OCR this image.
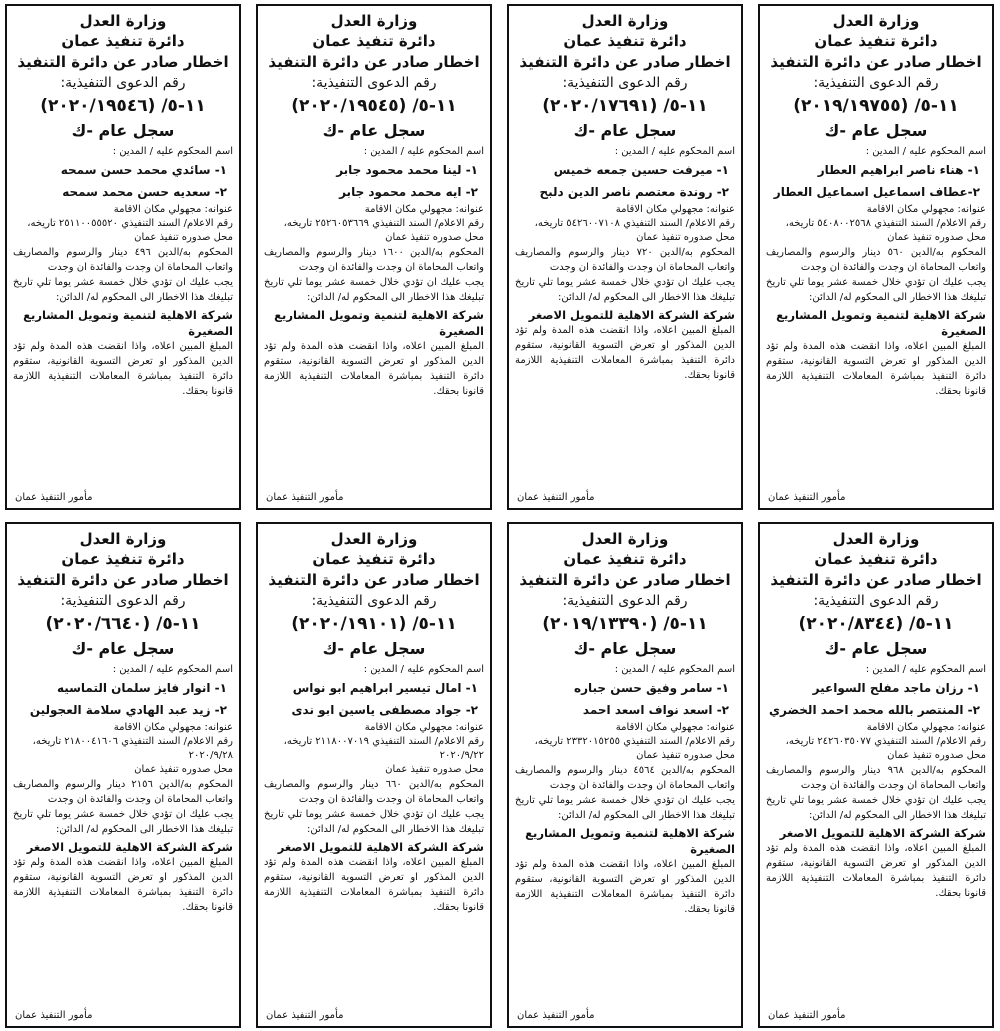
وزارة العدل
دائرة تنفيذ عمان
اخطار صادر عن دائرة التنفيذ
رقم الدعوى التنفيذية:
١١-٥/ (٢٠١٩/١٩٧٥٥)
سجل عام -ك
اسم المحكوم عليه / المدين :
١- هناء ناصر ابراهيم العطار
٢-عطاف اسماعيل اسماعيل العطار
عنوانه: مجهولي مكان الاقامة
رقم الاعلام/ السند التنفيذي ٥٤٠٨٠٠٢٥٦٨ تاريخه،
محل صدوره تنفيذ عمان
المحكوم به/الدين ٥٦٠ دينار والرسوم والمصاريف واتعاب المحاماة ان وجدت والفائدة ان وجدت
يجب عليك ان تؤدي خلال خمسة عشر يوما تلي تاريخ تبليغك هذا الاخطار الى المحكوم له/ الدائن:
شركة الاهلية لتنمية وتمويل المشاريع الصغيرة
المبلغ المبين اعلاه، واذا انقضت هذه المدة ولم تؤد الدين المذكور او تعرض التسوية القانونية، ستقوم دائرة التنفيذ بمباشرة المعاملات التنفيذية اللازمة قانونا بحقك.
مأمور التنفيذ عمان
وزارة العدل
دائرة تنفيذ عمان
اخطار صادر عن دائرة التنفيذ
رقم الدعوى التنفيذية:
١١-٥/ (٢٠٢٠/١٧٦٩١)
سجل عام -ك
اسم المحكوم عليه / المدين :
١- ميرفت حسين جمعه خميس
٢- روندة معتصم ناصر الدين دلبح
عنوانه: مجهولي مكان الاقامة
رقم الاعلام/ السند التنفيذي ٥٤٢٦٠٠٧١٠٨ تاريخه،
محل صدوره تنفيذ عمان
المحكوم به/الدين ٧٢٠ دينار والرسوم والمصاريف واتعاب المحاماة ان وجدت والفائدة ان وجدت
يجب عليك ان تؤدي خلال خمسة عشر يوما تلي تاريخ تبليغك هذا الاخطار الى المحكوم له/ الدائن:
شركة الشركة الاهلية للتمويل الاصغر
المبلغ المبين اعلاه، واذا انقضت هذه المدة ولم تؤد الدين المذكور او تعرض التسوية القانونية، ستقوم دائرة التنفيذ بمباشرة المعاملات التنفيذية اللازمة قانونا بحقك.
مأمور التنفيذ عمان
وزارة العدل
دائرة تنفيذ عمان
اخطار صادر عن دائرة التنفيذ
رقم الدعوى التنفيذية:
١١-٥/ (٢٠٢٠/١٩٥٤٥)
سجل عام -ك
اسم المحكوم عليه / المدين :
١- لينا محمد محمود جابر
٢- ايه محمد محمود جابر
عنوانه: مجهولي مكان الاقامة
رقم الاعلام/ السند التنفيذي ٢٥٢٦٠٥٣٦٦٩ تاريخه،
محل صدوره تنفيذ عمان
المحكوم به/الدين ١٦٠٠ دينار والرسوم والمصاريف واتعاب المحاماة ان وجدت والفائدة ان وجدت
يجب عليك ان تؤدي خلال خمسة عشر يوما تلي تاريخ تبليغك هذا الاخطار الى المحكوم له/ الدائن:
شركة الاهلية لتنمية وتمويل المشاريع الصغيرة
المبلغ المبين اعلاه، واذا انقضت هذه المدة ولم تؤد الدين المذكور او تعرض التسوية القانونية، ستقوم دائرة التنفيذ بمباشرة المعاملات التنفيذية اللازمة قانونا بحقك.
مأمور التنفيذ عمان
وزارة العدل
دائرة تنفيذ عمان
اخطار صادر عن دائرة التنفيذ
رقم الدعوى التنفيذية:
١١-٥/ (٢٠٢٠/١٩٥٤٦)
سجل عام -ك
اسم المحكوم عليه / المدين :
١- سائدي محمد حسن سمحه
٢- سعديه حسن محمد سمحه
عنوانه: مجهولي مكان الاقامة
رقم الاعلام/ السند التنفيذي ٢٥١١٠٠٥٥٥٢٠ تاريخه،
محل صدوره تنفيذ عمان
المحكوم به/الدين ٤٩٦ دينار والرسوم والمصاريف واتعاب المحاماة ان وجدت والفائدة ان وجدت
يجب عليك ان تؤدي خلال خمسة عشر يوما تلي تاريخ تبليغك هذا الاخطار الى المحكوم له/ الدائن:
شركة الاهلية لتنمية وتمويل المشاريع الصغيرة
المبلغ المبين اعلاه، واذا انقضت هذه المدة ولم تؤد الدين المذكور او تعرض التسوية القانونية، ستقوم دائرة التنفيذ بمباشرة المعاملات التنفيذية اللازمة قانونا بحقك.
مأمور التنفيذ عمان
وزارة العدل
دائرة تنفيذ عمان
اخطار صادر عن دائرة التنفيذ
رقم الدعوى التنفيذية:
١١-٥/ (٢٠٢٠/٨٣٤٤)
سجل عام -ك
اسم المحكوم عليه / المدين :
١- رزان ماجد مفلح السواعير
٢- المنتصر بالله محمد احمد الخضري
عنوانه: مجهولي مكان الاقامة
رقم الاعلام/ السند التنفيذي ٢٤٢٦٠٣٥٠٧٧ تاريخه،
محل صدوره تنفيذ عمان
المحكوم به/الدين ٩٦٨ دينار والرسوم والمصاريف واتعاب المحاماة ان وجدت والفائدة ان وجدت
يجب عليك ان تؤدي خلال خمسة عشر يوما تلي تاريخ تبليغك هذا الاخطار الى المحكوم له/ الدائن:
شركة الشركة الاهلية للتمويل الاصغر
المبلغ المبين اعلاه، واذا انقضت هذه المدة ولم تؤد الدين المذكور او تعرض التسوية القانونية، ستقوم دائرة التنفيذ بمباشرة المعاملات التنفيذية اللازمة قانونا بحقك.
مأمور التنفيذ عمان
وزارة العدل
دائرة تنفيذ عمان
اخطار صادر عن دائرة التنفيذ
رقم الدعوى التنفيذية:
١١-٥/ (٢٠١٩/١٣٣٩٠)
سجل عام -ك
اسم المحكوم عليه / المدين :
١- سامر وفيق حسن جباره
٢- اسعد نواف اسعد احمد
عنوانه: مجهولي مكان الاقامة
رقم الاعلام/ السند التنفيذي ٢٣٣٢٠١٥٢٥٥ تاريخه،
محل صدوره تنفيذ عمان
المحكوم به/الدين ٤٥٦٤ دينار والرسوم والمصاريف واتعاب المحاماة ان وجدت والفائدة ان وجدت
يجب عليك ان تؤدي خلال خمسة عشر يوما تلي تاريخ تبليغك هذا الاخطار الى المحكوم له/ الدائن:
شركة الاهلية لتنمية وتمويل المشاريع الصغيرة
المبلغ المبين اعلاه، واذا انقضت هذه المدة ولم تؤد الدين المذكور او تعرض التسوية القانونية، ستقوم دائرة التنفيذ بمباشرة المعاملات التنفيذية اللازمة قانونا بحقك.
مأمور التنفيذ عمان
وزارة العدل
دائرة تنفيذ عمان
اخطار صادر عن دائرة التنفيذ
رقم الدعوى التنفيذية:
١١-٥/ (٢٠٢٠/١٩١٠١)
سجل عام -ك
اسم المحكوم عليه / المدين :
١- امال تيسير ابراهيم ابو نواس
٢- جواد مصطفى ياسين ابو ندى
عنوانه: مجهولي مكان الاقامة
رقم الاعلام/ السند التنفيذي ٢١١٨٠٠٧٠١٩ تاريخه، ٢٠٢٠/٩/٢٢
محل صدوره تنفيذ عمان
المحكوم به/الدين ٦٦٠ دينار والرسوم والمصاريف واتعاب المحاماة ان وجدت والفائدة ان وجدت
يجب عليك ان تؤدي خلال خمسة عشر يوما تلي تاريخ تبليغك هذا الاخطار الى المحكوم له/ الدائن:
شركة الشركة الاهلية للتمويل الاصغر
المبلغ المبين اعلاه، واذا انقضت هذه المدة ولم تؤد الدين المذكور او تعرض التسوية القانونية، ستقوم دائرة التنفيذ بمباشرة المعاملات التنفيذية اللازمة قانونا بحقك.
مأمور التنفيذ عمان
وزارة العدل
دائرة تنفيذ عمان
اخطار صادر عن دائرة التنفيذ
رقم الدعوى التنفيذية:
١١-٥/ (٢٠٢٠/٦٦٤٠)
سجل عام -ك
اسم المحكوم عليه / المدين :
١- انوار فايز سلمان التماسيه
٢- زيد عبد الهادي سلامة العجولين
عنوانه: مجهولي مكان الاقامة
رقم الاعلام/ السند التنفيذي ٢١٨٠٠٤١٦٠٦ تاريخه، ٢٠٢٠/٩/٢٨
محل صدوره تنفيذ عمان
المحكوم به/الدين ٢١٥٦ دينار والرسوم والمصاريف واتعاب المحاماة ان وجدت والفائدة ان وجدت
يجب عليك ان تؤدي خلال خمسة عشر يوما تلي تاريخ تبليغك هذا الاخطار الى المحكوم له/ الدائن:
شركة الشركة الاهلية للتمويل الاصغر
المبلغ المبين اعلاه، واذا انقضت هذه المدة ولم تؤد الدين المذكور او تعرض التسوية القانونية، ستقوم دائرة التنفيذ بمباشرة المعاملات التنفيذية اللازمة قانونا بحقك.
مأمور التنفيذ عمان
